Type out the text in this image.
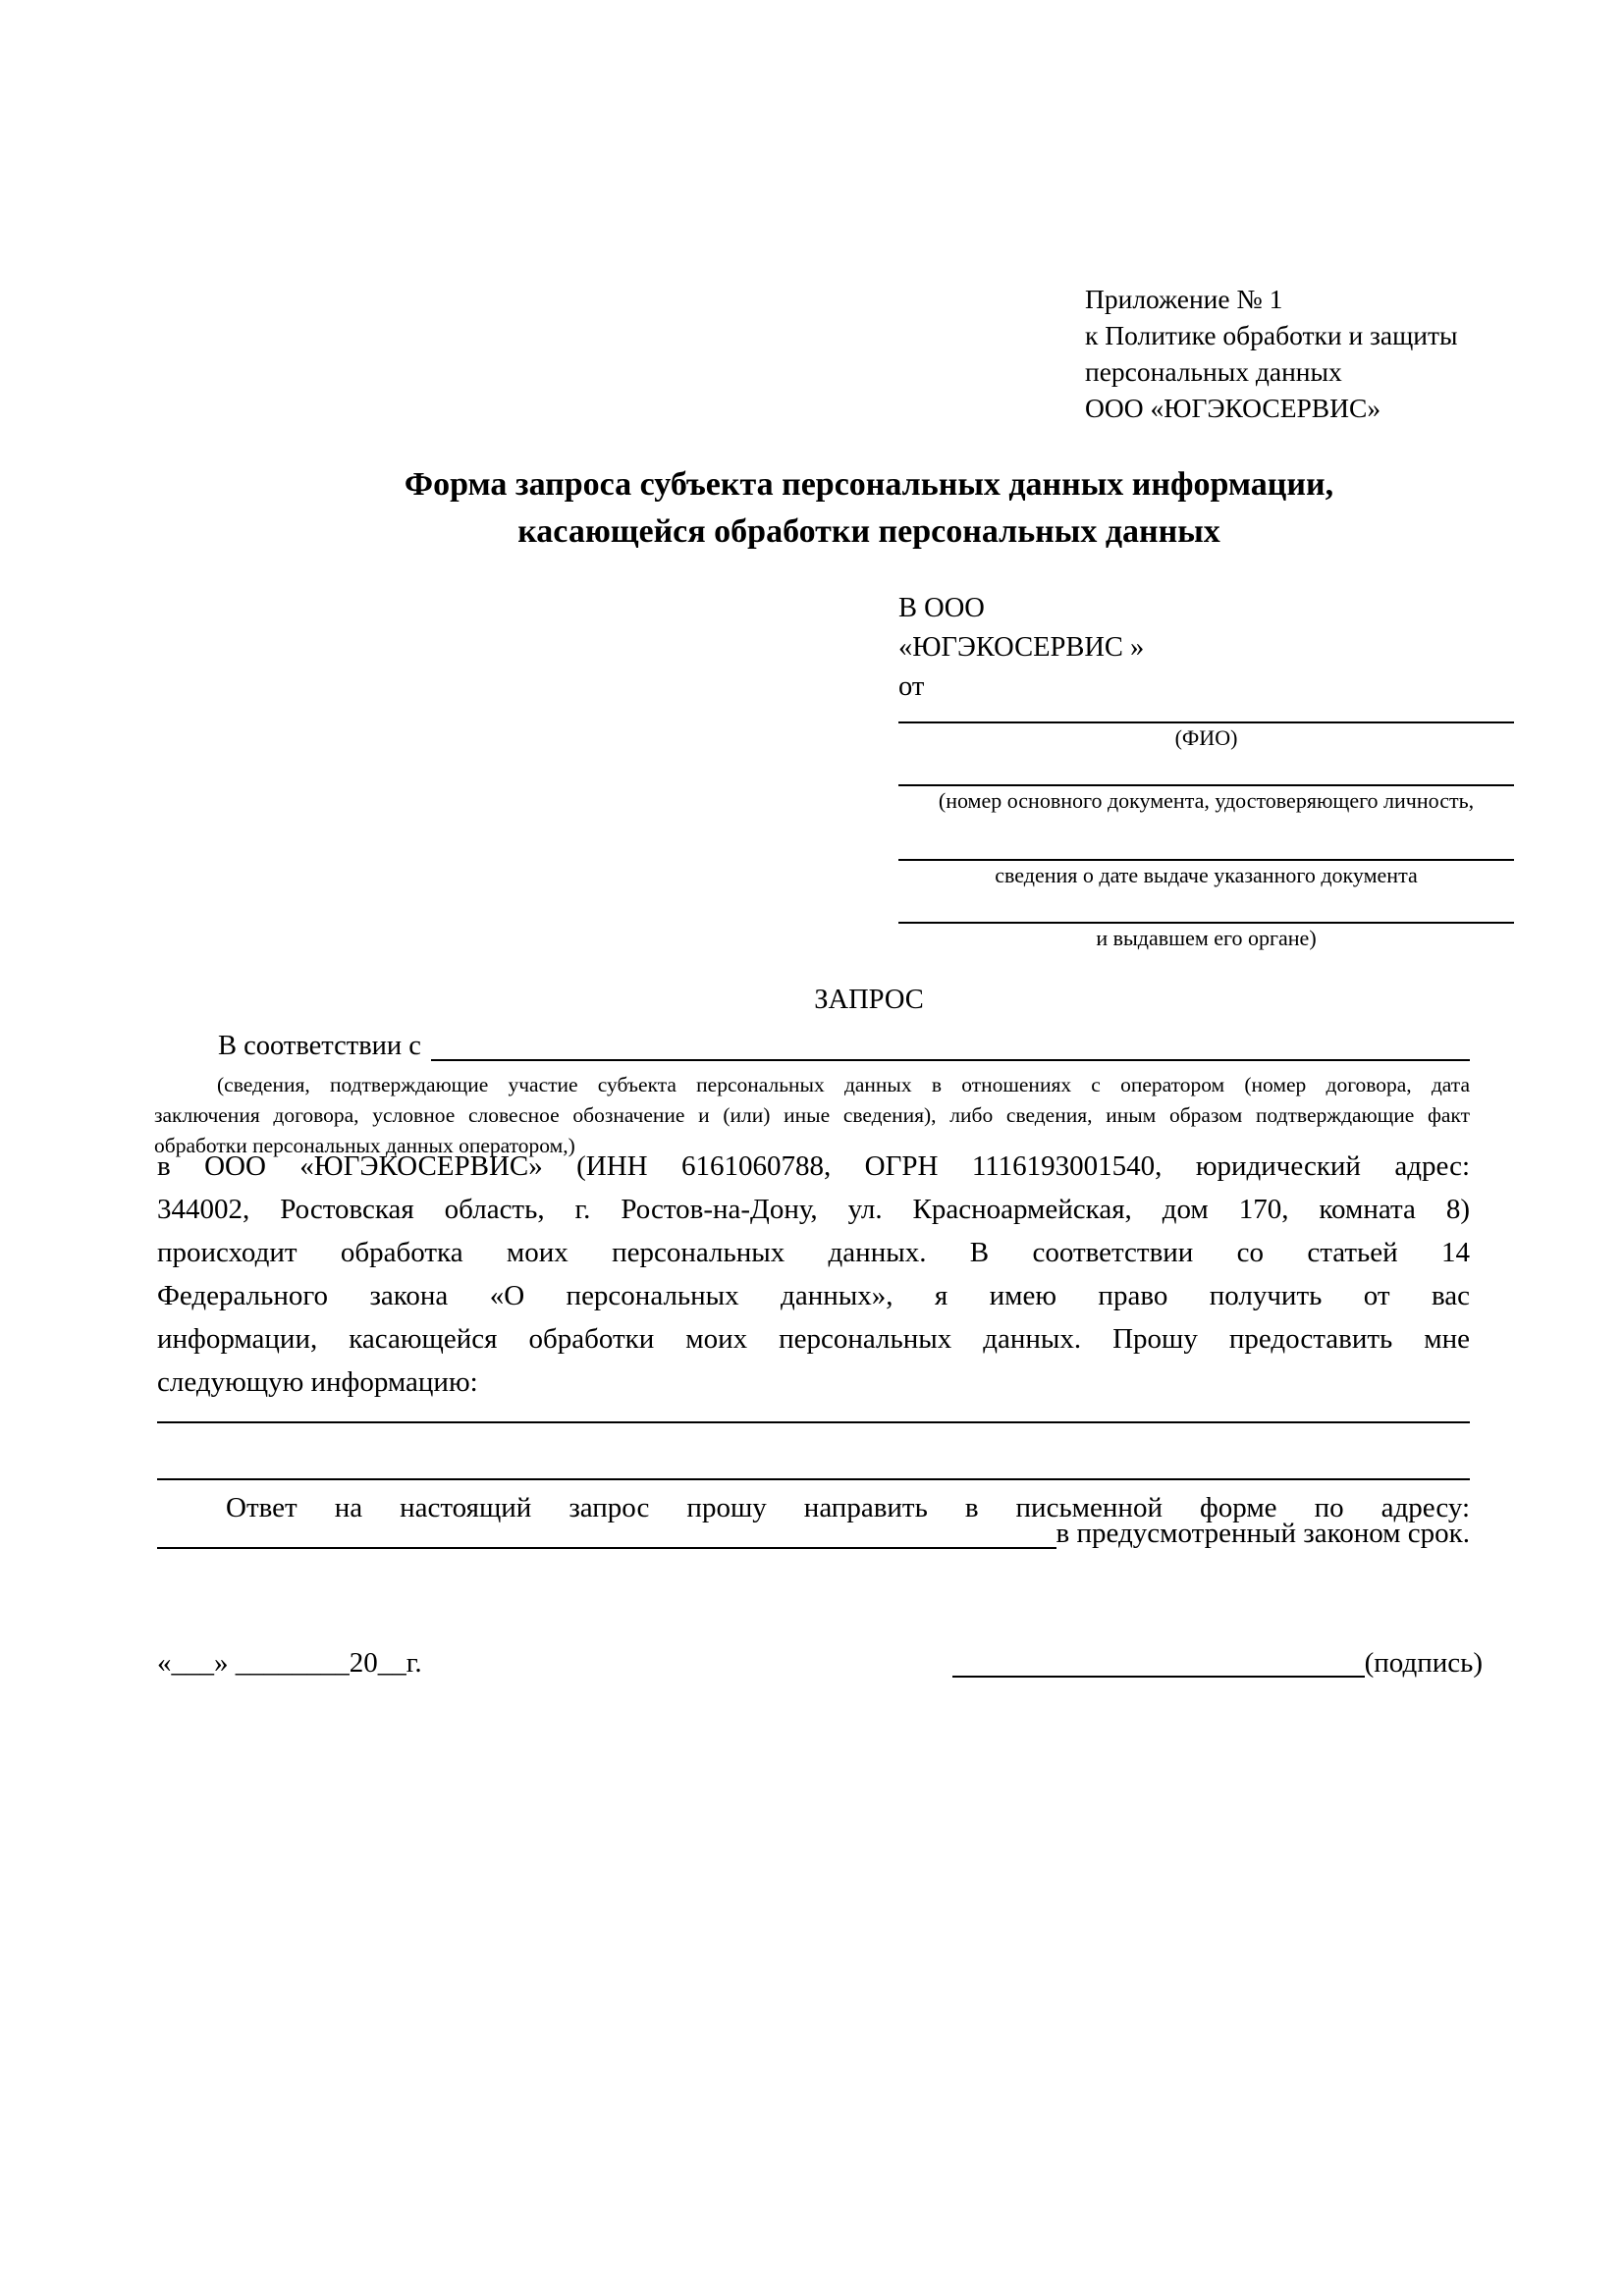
Приложение № 1
к Политике обработки и защиты
персональных данных
ООО «ЮГЭКОСЕРВИС»
Форма запроса субъекта персональных данных информации,
касающейся обработки персональных данных
В ООО
«ЮГЭКОСЕРВИС »
от
(ФИО)
(номер основного документа, удостоверяющего личность,
сведения о дате выдаче указанного документа
и выдавшем его органе)
ЗАПРОС
В соответствии с
(сведения, подтверждающие участие субъекта персональных данных в отношениях с оператором (номер договора, дата
заключения договора, условное словесное обозначение и (или) иные сведения), либо сведения, иным образом подтверждающие факт
обработки персональных данных оператором,)
в ООО «ЮГЭКОСЕРВИС» (ИНН 6161060788, ОГРН 1116193001540, юридический адрес:
344002, Ростовская область, г. Ростов-на-Дону, ул. Красноармейская, дом 170, комната 8)
происходит обработка моих персональных данных. В соответствии со статьей 14
Федерального закона «О персональных данных», я имею право получить от вас
информации, касающейся обработки моих персональных данных. Прошу предоставить мне
следующую информацию:
Ответ на настоящий запрос прошу направить в письменной форме по адресу:
в предусмотренный законом срок.
«___» ________20__г.	(подпись)
